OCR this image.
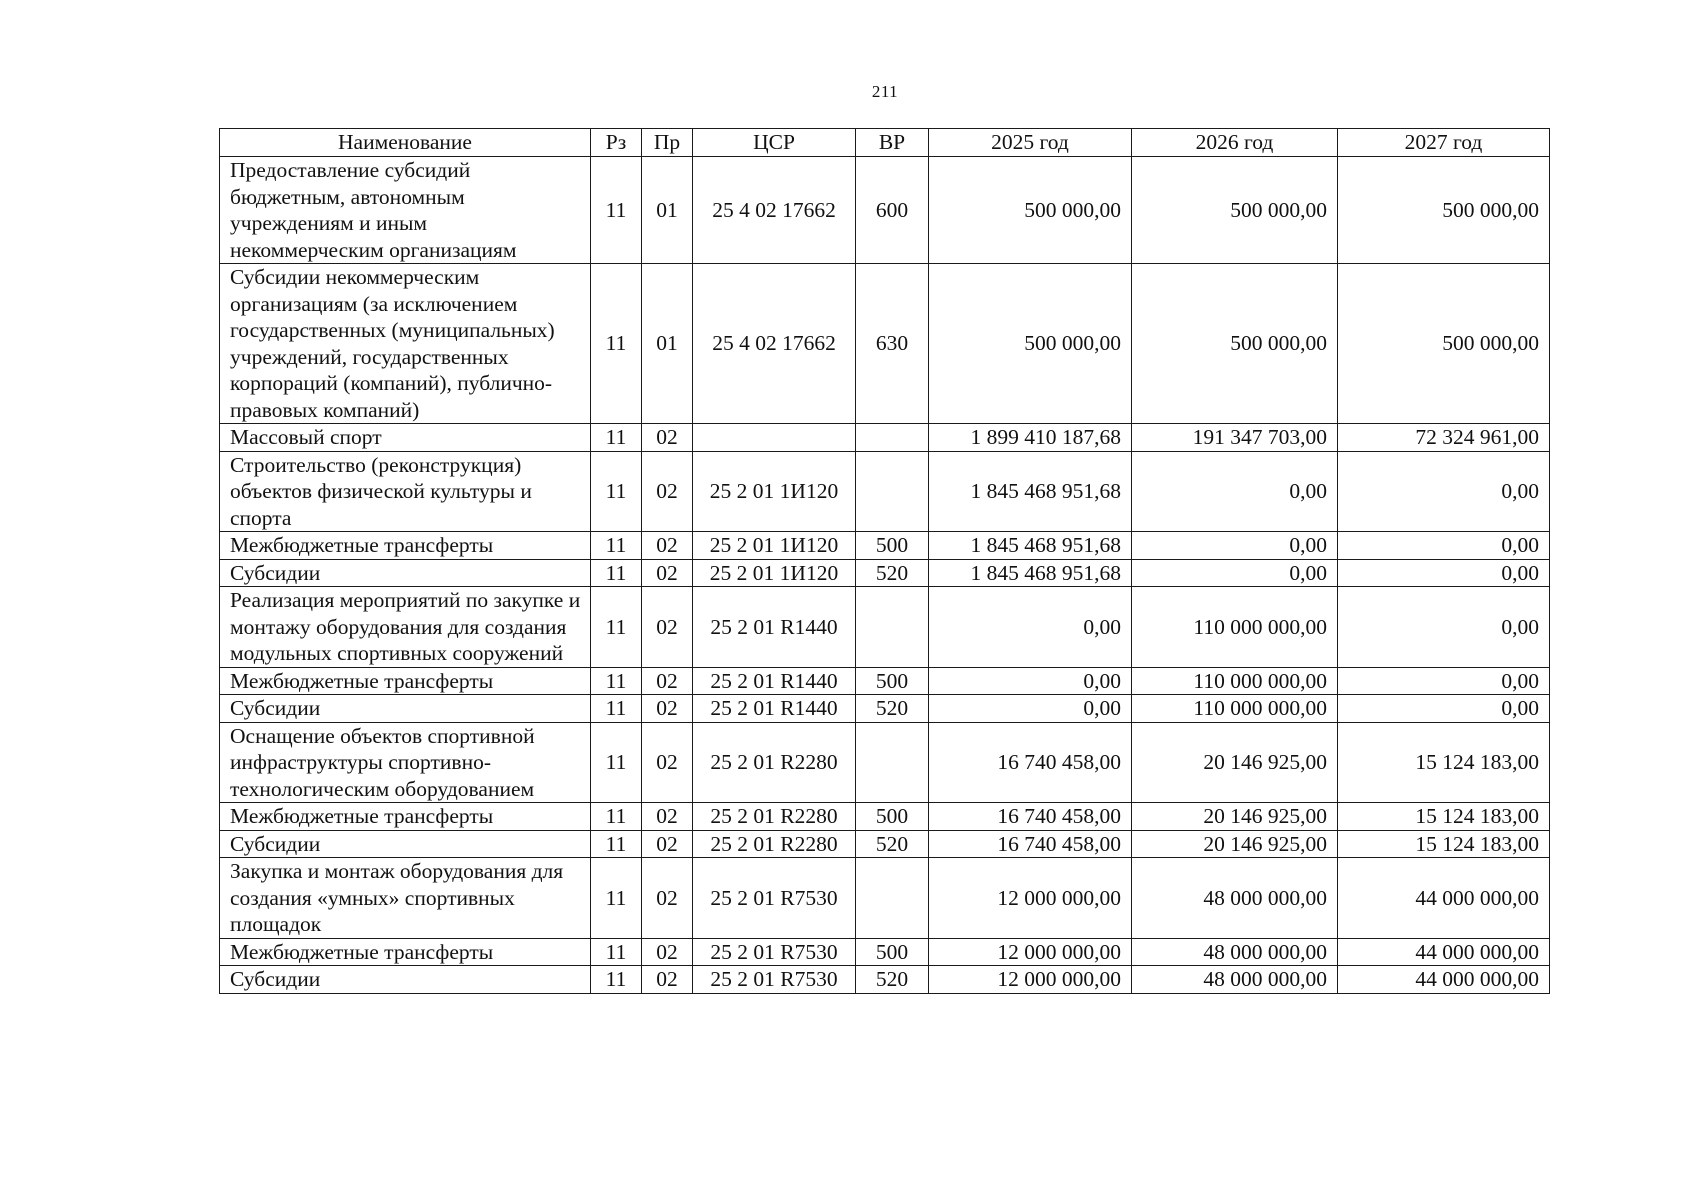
211
Наименование	Рз	Пр	ЦСР	ВР	2025 год	2026 год	2027 год
Предоставление субсидий бюджетным, автономным учреждениям и иным некоммерческим организациям	11	01	25 4 02 17662	600	500 000,00	500 000,00	500 000,00
Субсидии некоммерческим организациям (за исключением государственных (муниципальных) учреждений, государственных корпораций (компаний), публично-правовых компаний)	11	01	25 4 02 17662	630	500 000,00	500 000,00	500 000,00
Массовый спорт	11	02			1 899 410 187,68	191 347 703,00	72 324 961,00
Строительство (реконструкция) объектов физической культуры и спорта	11	02	25 2 01 1И120		1 845 468 951,68	0,00	0,00
Межбюджетные трансферты	11	02	25 2 01 1И120	500	1 845 468 951,68	0,00	0,00
Субсидии	11	02	25 2 01 1И120	520	1 845 468 951,68	0,00	0,00
Реализация мероприятий по закупке и монтажу оборудования для создания модульных спортивных сооружений	11	02	25 2 01 R1440		0,00	110 000 000,00	0,00
Межбюджетные трансферты	11	02	25 2 01 R1440	500	0,00	110 000 000,00	0,00
Субсидии	11	02	25 2 01 R1440	520	0,00	110 000 000,00	0,00
Оснащение объектов спортивной инфраструктуры спортивно-технологическим оборудованием	11	02	25 2 01 R2280		16 740 458,00	20 146 925,00	15 124 183,00
Межбюджетные трансферты	11	02	25 2 01 R2280	500	16 740 458,00	20 146 925,00	15 124 183,00
Субсидии	11	02	25 2 01 R2280	520	16 740 458,00	20 146 925,00	15 124 183,00
Закупка и монтаж оборудования для создания «умных» спортивных площадок	11	02	25 2 01 R7530		12 000 000,00	48 000 000,00	44 000 000,00
Межбюджетные трансферты	11	02	25 2 01 R7530	500	12 000 000,00	48 000 000,00	44 000 000,00
Субсидии	11	02	25 2 01 R7530	520	12 000 000,00	48 000 000,00	44 000 000,00
